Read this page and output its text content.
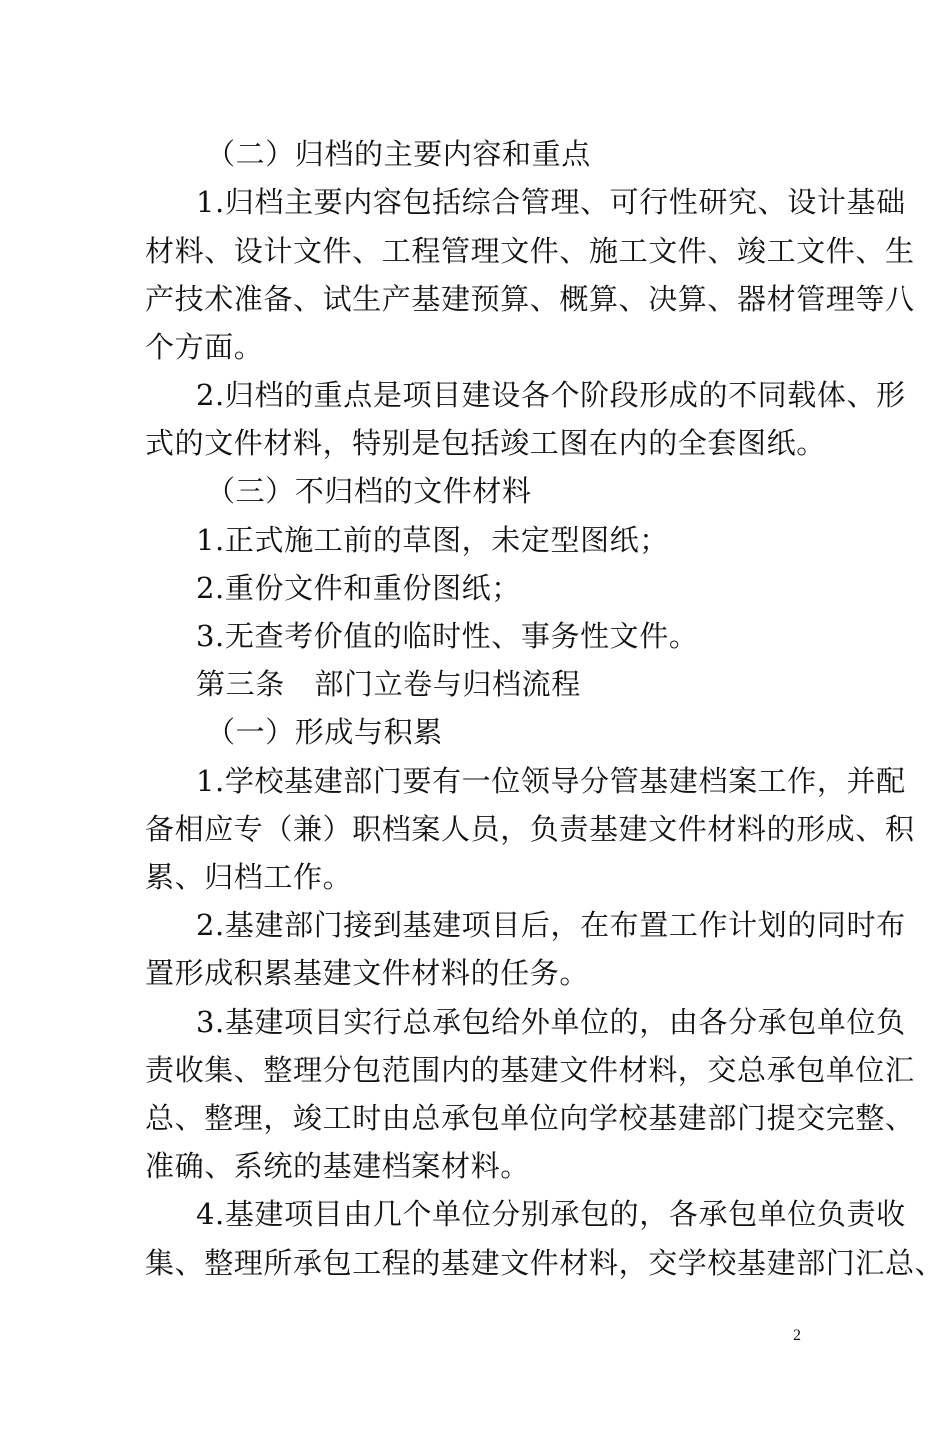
（二）归档的主要内容和重点
1.归档主要内容包括综合管理、可行性研究、设计基础
材料、设计文件、工程管理文件、施工文件、竣工文件、生
产技术准备、试生产基建预算、概算、决算、器材管理等八
个方面。
2.归档的重点是项目建设各个阶段形成的不同载体、形
式的文件材料，特别是包括竣工图在内的全套图纸。
（三）不归档的文件材料
1.正式施工前的草图，未定型图纸；
2.重份文件和重份图纸；
3.无查考价值的临时性、事务性文件。
第三条　部门立卷与归档流程
（一）形成与积累
1.学校基建部门要有一位领导分管基建档案工作，并配
备相应专（兼）职档案人员，负责基建文件材料的形成、积
累、归档工作。
2.基建部门接到基建项目后，在布置工作计划的同时布
置形成积累基建文件材料的任务。
3.基建项目实行总承包给外单位的，由各分承包单位负
责收集、整理分包范围内的基建文件材料，交总承包单位汇
总、整理，竣工时由总承包单位向学校基建部门提交完整、
准确、系统的基建档案材料。
4.基建项目由几个单位分别承包的，各承包单位负责收
集、整理所承包工程的基建文件材料，交学校基建部门汇总、
2
